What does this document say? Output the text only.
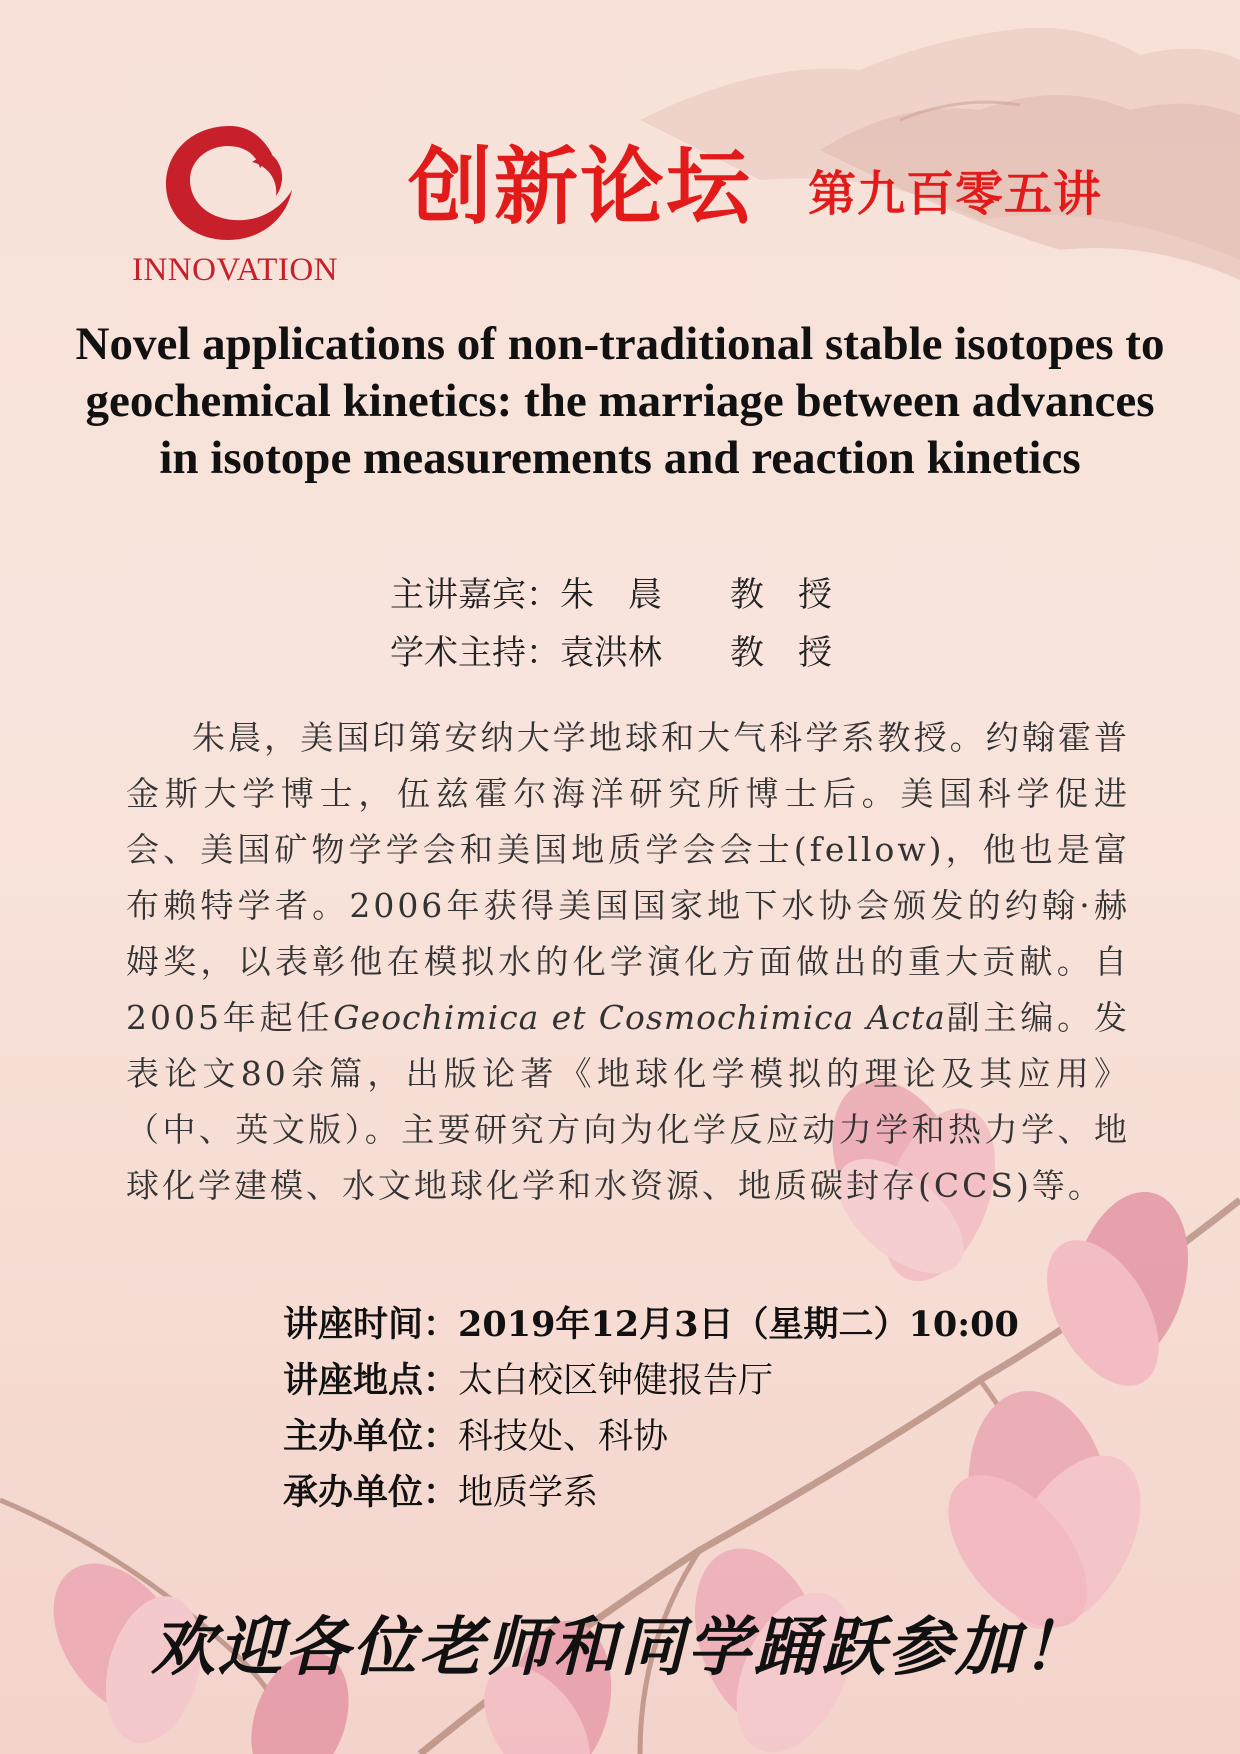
INNOVATION
创新论坛 第九百零五讲
Novel applications of non-traditional stable isotopes to geochemical kinetics: the marriage between advances in isotope measurements and reaction kinetics
主讲嘉宾：朱　晨　　 教　授
学术主持：袁洪林　　 教　授
朱晨，美国印第安纳大学地球和大气科学系教授。约翰霍普金斯大学博士，伍兹霍尔海洋研究所博士后。美国科学促进会、美国矿物学学会和美国地质学会会士(fellow)，他也是富布赖特学者。2006年获得美国国家地下水协会颁发的约翰·赫姆奖，以表彰他在模拟水的化学演化方面做出的重大贡献。自2005年起任Geochimica et Cosmochimica Acta副主编。发表论文80余篇，出版论著《地球化学模拟的理论及其应用》（中、英文版）。主要研究方向为化学反应动力学和热力学、地球化学建模、水文地球化学和水资源、地质碳封存(CCS)等。
讲座时间：2019年12月3日（星期二）10:00
讲座地点：太白校区钟健报告厅
主办单位：科技处、科协
承办单位：地质学系
欢迎各位老师和同学踊跃参加！
